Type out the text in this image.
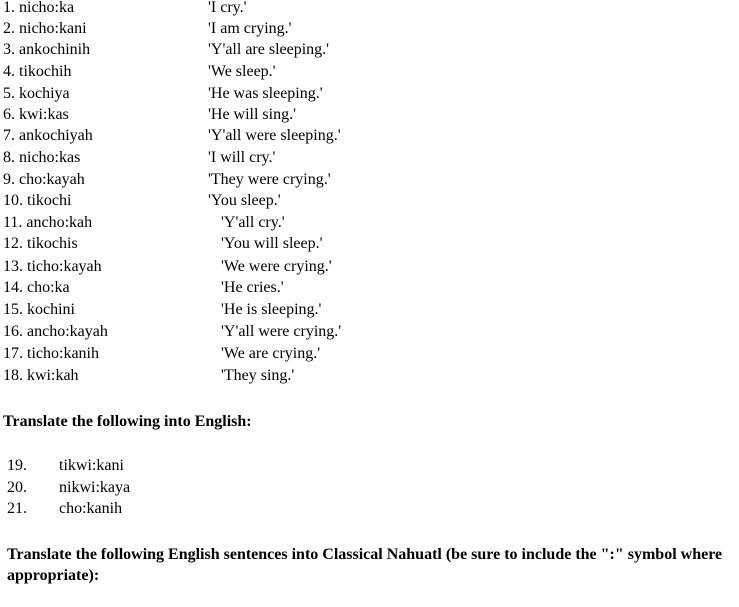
1. nicho:ka	'I cry.'
2. nicho:kani	'I am crying.'
3. ankochinih	'Y'all are sleeping.'
4. tikochih	'We sleep.'
5. kochiya	'He was sleeping.'
6. kwi:kas	'He will sing.'
7. ankochiyah	'Y'all were sleeping.'
8. nicho:kas	'I will cry.'
9. cho:kayah	'They were crying.'
10. tikochi	'You sleep.'
11. ancho:kah	'Y'all cry.'
12. tikochis	'You will sleep.'
13. ticho:kayah	'We were crying.'
14. cho:ka	'He cries.'
15. kochini	'He is sleeping.'
16. ancho:kayah	'Y'all were crying.'
17. ticho:kanih	'We are crying.'
18. kwi:kah	'They sing.'
Translate the following into English:
19. tikwi:kani
20. nikwi:kaya
21. cho:kanih
Translate the following English sentences into Classical Nahuatl (be sure to include the ":" symbol where appropriate):
